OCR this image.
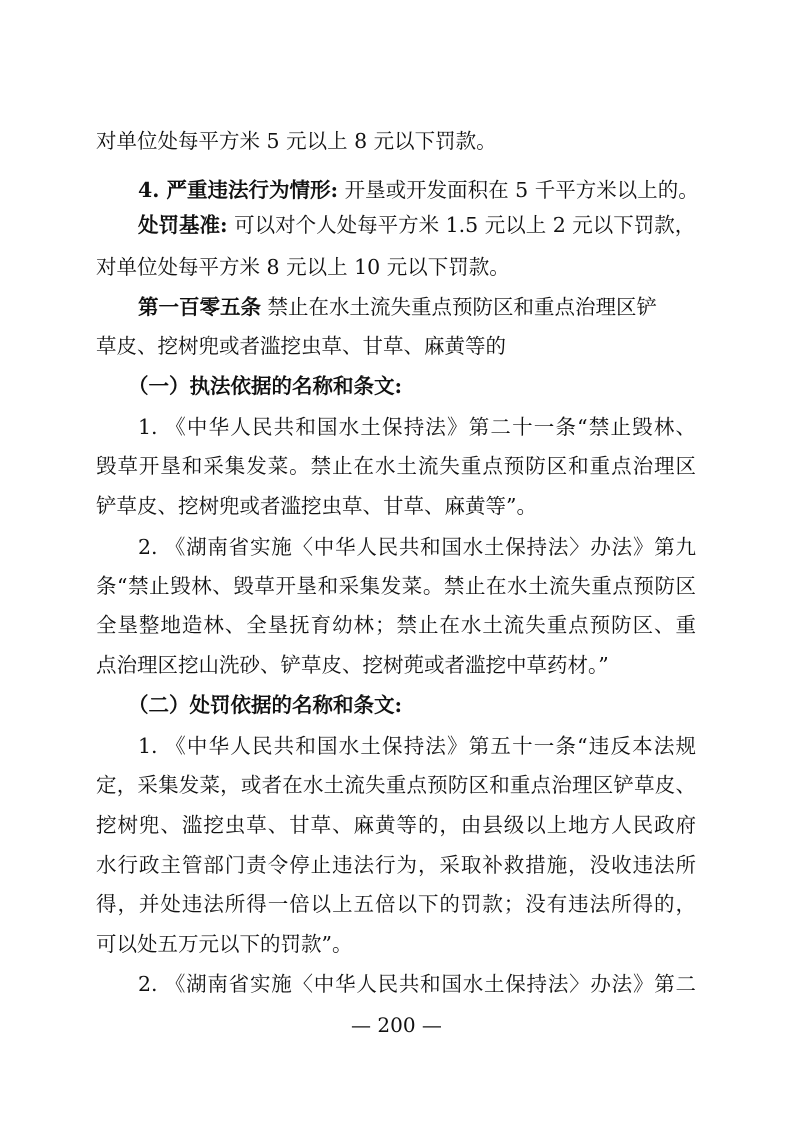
对单位处每平方米 5 元以上 8 元以下罚款。
4. 严重违法行为情形: 开垦或开发面积在 5 千平方米以上的。
处罚基准: 可以对个人处每平方米 1.5 元以上 2 元以下罚款，
对单位处每平方米 8 元以上 10 元以下罚款。
第一百零五条 禁止在水土流失重点预防区和重点治理区铲
草皮、挖树兜或者滥挖虫草、甘草、麻黄等的
（一）执法依据的名称和条文:
1. 《中华人民共和国水土保持法》第二十一条“禁止毁林、
毁草开垦和采集发菜。禁止在水土流失重点预防区和重点治理区
铲草皮、挖树兜或者滥挖虫草、甘草、麻黄等”。
2. 《湖南省实施〈中华人民共和国水土保持法〉办法》第九
条“禁止毁林、毁草开垦和采集发菜。禁止在水土流失重点预防区
全垦整地造林、全垦抚育幼林；禁止在水土流失重点预防区、重
点治理区挖山洗砂、铲草皮、挖树蔸或者滥挖中草药材。”
（二）处罚依据的名称和条文:
1. 《中华人民共和国水土保持法》第五十一条“违反本法规
定，采集发菜，或者在水土流失重点预防区和重点治理区铲草皮、
挖树兜、滥挖虫草、甘草、麻黄等的，由县级以上地方人民政府
水行政主管部门责令停止违法行为，采取补救措施，没收违法所
得，并处违法所得一倍以上五倍以下的罚款；没有违法所得的，
可以处五万元以下的罚款”。
2. 《湖南省实施〈中华人民共和国水土保持法〉办法》第二
— 200 —
